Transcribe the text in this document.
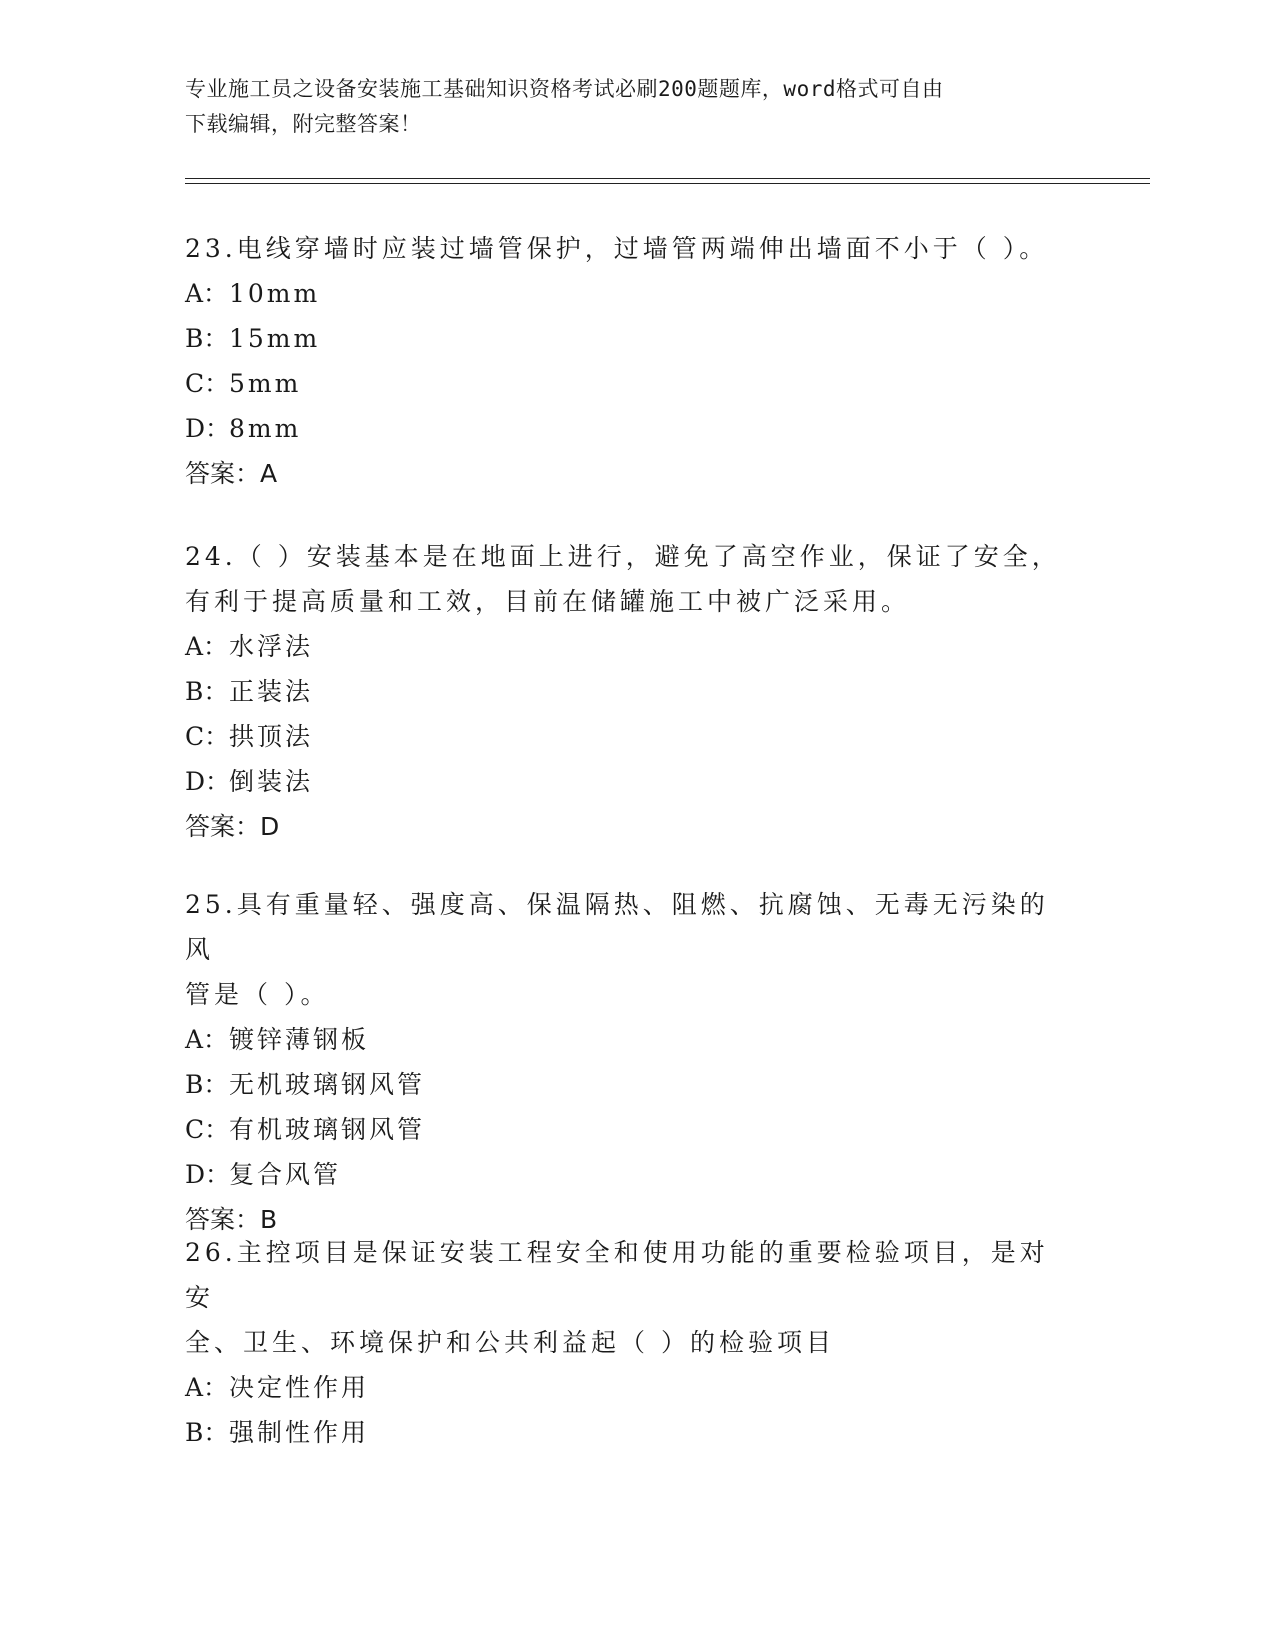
专业施工员之设备安装施工基础知识资格考试必刷200题题库，word格式可自由
下载编辑，附完整答案！

23.电线穿墙时应装过墙管保护，过墙管两端伸出墙面不小于（ ）。

A：10mm

B：15mm

C：5mm

D：8mm

答案：A

24.（ ）安装基本是在地面上进行，避免了高空作业，保证了安全，

有利于提高质量和工效，目前在储罐施工中被广泛采用。

A：水浮法

B：正装法

C：拱顶法

D：倒装法

答案：D

25.具有重量轻、强度高、保温隔热、阻燃、抗腐蚀、无毒无污染的风

管是（ ）。

A：镀锌薄钢板

B：无机玻璃钢风管

C：有机玻璃钢风管

D：复合风管

答案：B

26.主控项目是保证安装工程安全和使用功能的重要检验项目，是对安

全、卫生、环境保护和公共利益起（ ）的检验项目

A：决定性作用

B：强制性作用
